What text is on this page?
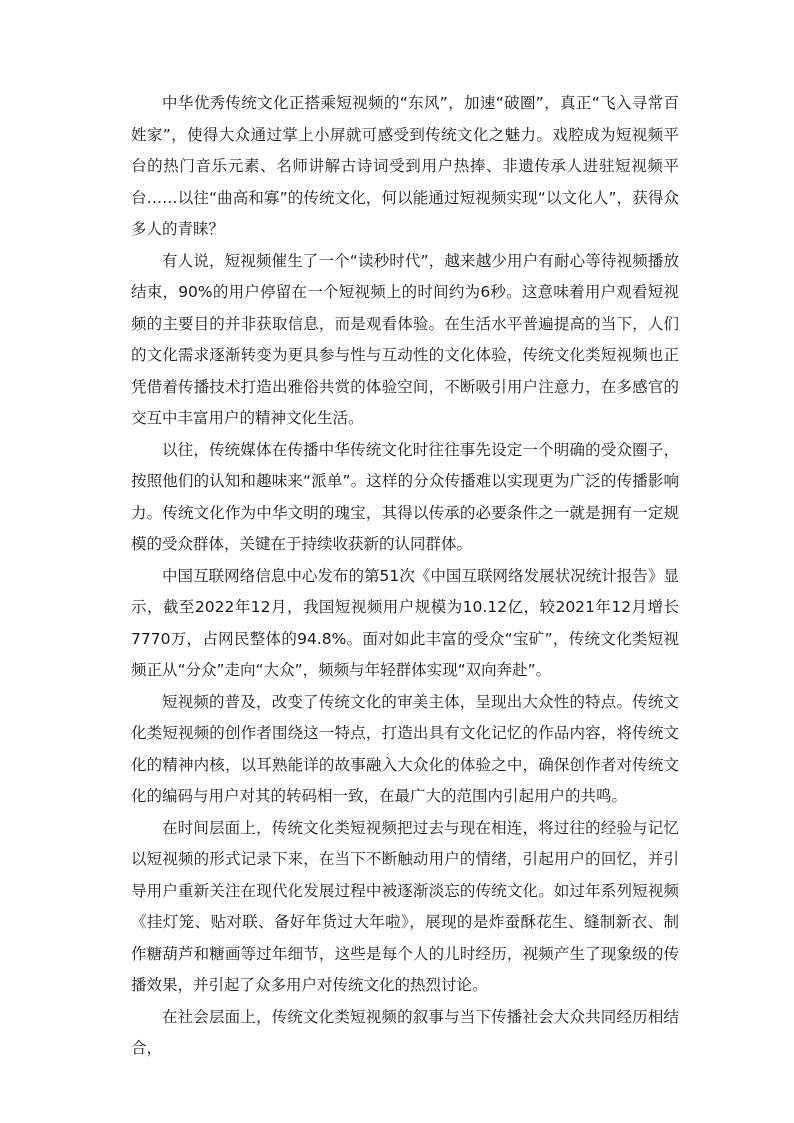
中华优秀传统文化正搭乘短视频的“东风”，加速“破圈”，真正“飞入寻常百姓家”，使得大众通过掌上小屏就可感受到传统文化之魅力。戏腔成为短视频平台的热门音乐元素、名师讲解古诗词受到用户热捧、非遗传承人进驻短视频平台……以往“曲高和寡”的传统文化，何以能通过短视频实现“以文化人”，获得众多人的青睐？

有人说，短视频催生了一个“读秒时代”，越来越少用户有耐心等待视频播放结束，90%的用户停留在一个短视频上的时间约为6秒。这意味着用户观看短视频的主要目的并非获取信息，而是观看体验。在生活水平普遍提高的当下，人们的文化需求逐渐转变为更具参与性与互动性的文化体验，传统文化类短视频也正凭借着传播技术打造出雅俗共赏的体验空间，不断吸引用户注意力，在多感官的交互中丰富用户的精神文化生活。

以往，传统媒体在传播中华传统文化时往往事先设定一个明确的受众圈子，按照他们的认知和趣味来“派单”。这样的分众传播难以实现更为广泛的传播影响力。传统文化作为中华文明的瑰宝，其得以传承的必要条件之一就是拥有一定规模的受众群体，关键在于持续收获新的认同群体。

中国互联网络信息中心发布的第51次《中国互联网络发展状况统计报告》显示，截至2022年12月，我国短视频用户规模为10.12亿，较2021年12月增长7770万，占网民整体的94.8%。面对如此丰富的受众“宝矿”，传统文化类短视频正从“分众”走向“大众”，频频与年轻群体实现“双向奔赴”。

短视频的普及，改变了传统文化的审美主体，呈现出大众性的特点。传统文化类短视频的创作者围绕这一特点，打造出具有文化记忆的作品内容，将传统文化的精神内核，以耳熟能详的故事融入大众化的体验之中，确保创作者对传统文化的编码与用户对其的转码相一致，在最广大的范围内引起用户的共鸣。

在时间层面上，传统文化类短视频把过去与现在相连，将过往的经验与记忆以短视频的形式记录下来，在当下不断触动用户的情绪，引起用户的回忆，并引导用户重新关注在现代化发展过程中被逐渐淡忘的传统文化。如过年系列短视频《挂灯笼、贴对联、备好年货过大年啦》，展现的是炸蚕酥花生、缝制新衣、制作糖葫芦和糖画等过年细节，这些是每个人的儿时经历，视频产生了现象级的传播效果，并引起了众多用户对传统文化的热烈讨论。

在社会层面上，传统文化类短视频的叙事与当下传播社会大众共同经历相结合，
